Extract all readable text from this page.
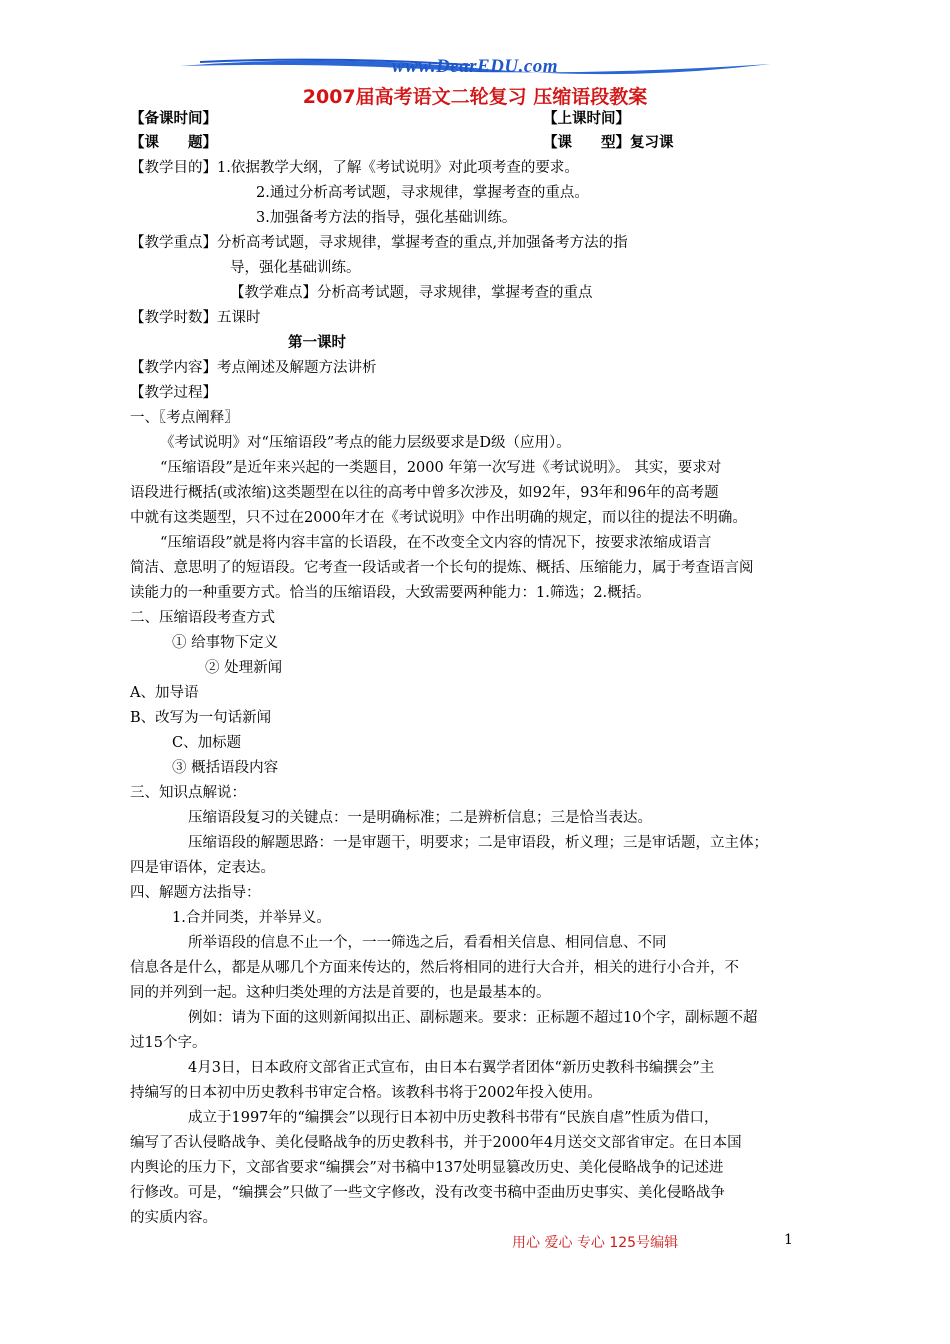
www.DearEDU.com
2007届高考语文二轮复习 压缩语段教案
【备课时间】	【上课时间】
【课　　题】	【课　　型】复习课
【教学目的】1.依据教学大纲，了解《考试说明》对此项考查的要求。
2.通过分析高考试题，寻求规律，掌握考查的重点。
3.加强备考方法的指导，强化基础训练。
【教学重点】分析高考试题，寻求规律，掌握考查的重点,并加强备考方法的指
导，强化基础训练。
【教学难点】分析高考试题，寻求规律，掌握考查的重点
【教学时数】五课时
第一课时
【教学内容】考点阐述及解题方法讲析
【教学过程】
一、〖考点阐释〗
《考试说明》对“压缩语段”考点的能力层级要求是D级（应用）。
“压缩语段”是近年来兴起的一类题目，2000 年第一次写进《考试说明》。 其实，要求对
语段进行概括(或浓缩)这类题型在以往的高考中曾多次涉及，如92年，93年和96年的高考题
中就有这类题型，只不过在2000年才在《考试说明》中作出明确的规定，而以往的提法不明确。
“压缩语段”就是将内容丰富的长语段，在不改变全文内容的情况下，按要求浓缩成语言
简洁、意思明了的短语段。它考查一段话或者一个长句的提炼、概括、压缩能力，属于考查语言阅
读能力的一种重要方式。恰当的压缩语段，大致需要两种能力：1.筛选；2.概括。
二、压缩语段考查方式
① 给事物下定义
② 处理新闻
A、加导语
B、改写为一句话新闻
C、加标题
③ 概括语段内容
三、知识点解说：
压缩语段复习的关键点：一是明确标准；二是辨析信息；三是恰当表达。
压缩语段的解题思路：一是审题干，明要求；二是审语段，析义理；三是审话题，立主体；
四是审语体，定表达。
四、解题方法指导：
1.合并同类，并举异义。
所举语段的信息不止一个，一一筛选之后，看看相关信息、相同信息、不同
信息各是什么，都是从哪几个方面来传达的，然后将相同的进行大合并，相关的进行小合并，不
同的并列到一起。这种归类处理的方法是首要的，也是最基本的。
例如：请为下面的这则新闻拟出正、副标题来。要求：正标题不超过10个字，副标题不超
过15个字。
4月3日，日本政府文部省正式宣布，由日本右翼学者团体“新历史教科书编撰会”主
持编写的日本初中历史教科书审定合格。该教科书将于2002年投入使用。
成立于1997年的“编撰会”以现行日本初中历史教科书带有“民族自虐”性质为借口，
编写了否认侵略战争、美化侵略战争的历史教科书，并于2000年4月送交文部省审定。在日本国
内舆论的压力下，文部省要求“编撰会”对书稿中137处明显篡改历史、美化侵略战争的记述进
行修改。可是，“编撰会”只做了一些文字修改，没有改变书稿中歪曲历史事实、美化侵略战争
的实质内容。
用心 爱心 专心 125号编辑	1
